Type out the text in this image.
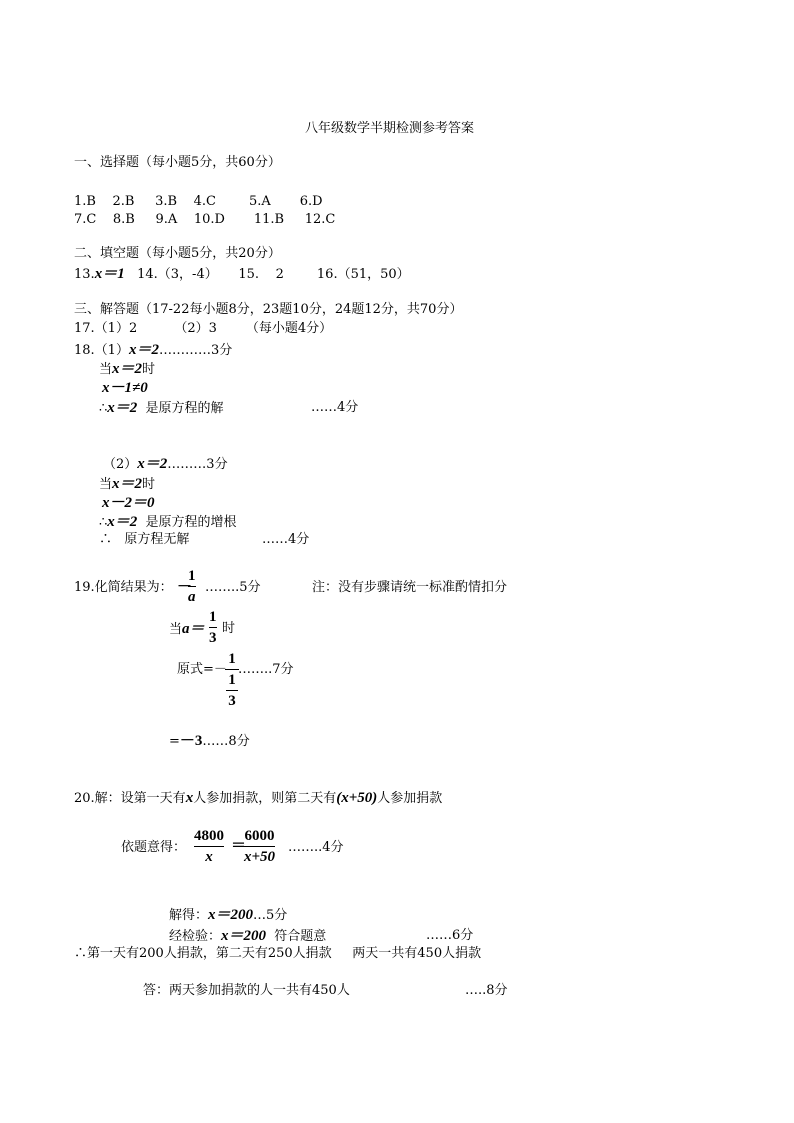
八年级数学半期检测参考答案
一、选择题（每小题5分，共60分）
1.B    2.B     3.B    4.C        5.A       6.D
7.C    8.B     9.A    10.D       11.B     12.C
二、填空题（每小题5分，共20分）
13.x＝1   14.（3，-4）     15.    2        16.（51，50）
三、解答题（17-22每小题8分，23题10分，24题12分，共70分）
17.（1）2         （2）3       （每小题4分）
18.（1）x＝2…………3分
当x＝2时
x－1≠0
∴x＝2  是原方程的解	……4分
（2）x＝2………3分
当x＝2时
x－2＝0
∴x＝2  是原方程的增根
∴   原方程无解	……4分
19.化简结果为： －
1
a
……..5分	注：没有步骤请统一标准酌情扣分
当a＝
1
3
时
原式=－
1
1
3
……..7分
=－3……8分
20.解：设第一天有x人参加捐款，则第二天有(x+50)人参加捐款
依题意得：
4800
x
＝
6000
x+50
……..4分
解得：x＝200…5分
经检验：x＝200  符合题意	……6分
∴第一天有200人捐款，第二天有250人捐款     两天一共有450人捐款
答：两天参加捐款的人一共有450人	…..8分
